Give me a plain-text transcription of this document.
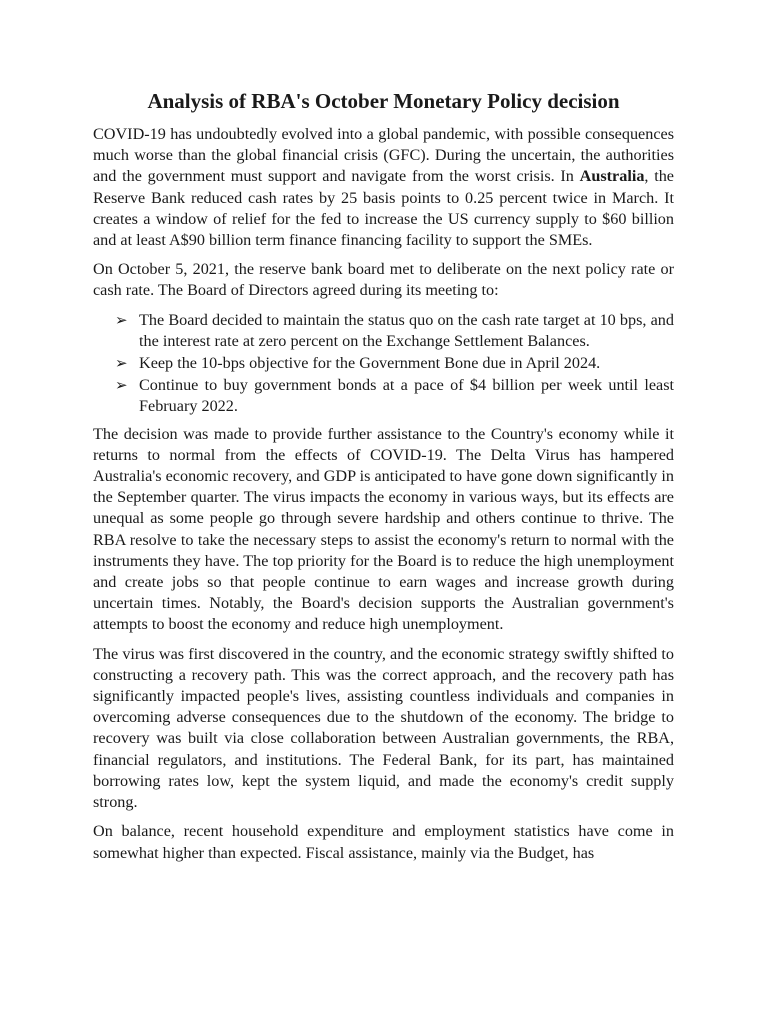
Analysis of RBA's October Monetary Policy decision

COVID-19 has undoubtedly evolved into a global pandemic, with possible consequences much worse than the global financial crisis (GFC). During the uncertain, the authorities and the government must support and navigate from the worst crisis. In Australia, the Reserve Bank reduced cash rates by 25 basis points to 0.25 percent twice in March. It creates a window of relief for the fed to increase the US currency supply to $60 billion and at least A$90 billion term finance financing facility to support the SMEs.

On October 5, 2021, the reserve bank board met to deliberate on the next policy rate or cash rate. The Board of Directors agreed during its meeting to:

➢ The Board decided to maintain the status quo on the cash rate target at 10 bps, and the interest rate at zero percent on the Exchange Settlement Balances.
➢ Keep the 10-bps objective for the Government Bone due in April 2024.
➢ Continue to buy government bonds at a pace of $4 billion per week until least February 2022.

The decision was made to provide further assistance to the Country's economy while it returns to normal from the effects of COVID-19. The Delta Virus has hampered Australia's economic recovery, and GDP is anticipated to have gone down significantly in the September quarter. The virus impacts the economy in various ways, but its effects are unequal as some people go through severe hardship and others continue to thrive. The RBA resolve to take the necessary steps to assist the economy's return to normal with the instruments they have. The top priority for the Board is to reduce the high unemployment and create jobs so that people continue to earn wages and increase growth during uncertain times. Notably, the Board's decision supports the Australian government's attempts to boost the economy and reduce high unemployment.

The virus was first discovered in the country, and the economic strategy swiftly shifted to constructing a recovery path. This was the correct approach, and the recovery path has significantly impacted people's lives, assisting countless individuals and companies in overcoming adverse consequences due to the shutdown of the economy. The bridge to recovery was built via close collaboration between Australian governments, the RBA, financial regulators, and institutions. The Federal Bank, for its part, has maintained borrowing rates low, kept the system liquid, and made the economy's credit supply strong.

On balance, recent household expenditure and employment statistics have come in somewhat higher than expected. Fiscal assistance, mainly via the Budget, has
